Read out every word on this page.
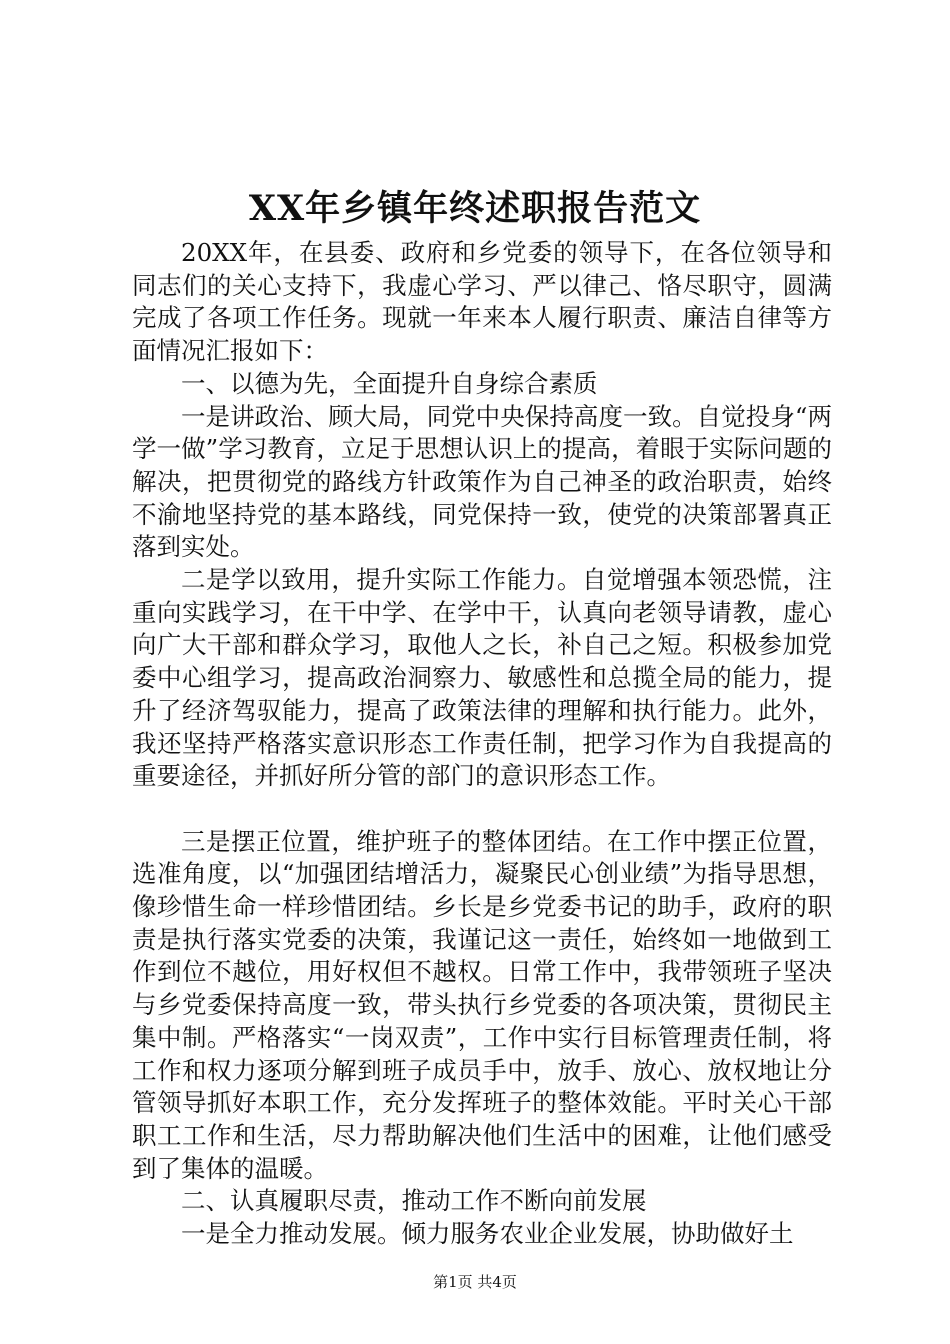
XX年乡镇年终述职报告范文

20XX年，在县委、政府和乡党委的领导下，在各位领导和同志们的关心支持下，我虚心学习、严以律己、恪尽职守，圆满完成了各项工作任务。现就一年来本人履行职责、廉洁自律等方面情况汇报如下：

一、以德为先，全面提升自身综合素质

一是讲政治、顾大局，同党中央保持高度一致。自觉投身“两学一做”学习教育，立足于思想认识上的提高，着眼于实际问题的解决，把贯彻党的路线方针政策作为自己神圣的政治职责，始终不渝地坚持党的基本路线，同党保持一致，使党的决策部署真正落到实处。

二是学以致用，提升实际工作能力。自觉增强本领恐慌，注重向实践学习，在干中学、在学中干，认真向老领导请教，虚心向广大干部和群众学习，取他人之长，补自己之短。积极参加党委中心组学习，提高政治洞察力、敏感性和总揽全局的能力，提升了经济驾驭能力，提高了政策法律的理解和执行能力。此外，我还坚持严格落实意识形态工作责任制，把学习作为自我提高的重要途径，并抓好所分管的部门的意识形态工作。

三是摆正位置，维护班子的整体团结。在工作中摆正位置，选准角度，以“加强团结增活力，凝聚民心创业绩”为指导思想，像珍惜生命一样珍惜团结。乡长是乡党委书记的助手，政府的职责是执行落实党委的决策，我谨记这一责任，始终如一地做到工作到位不越位，用好权但不越权。日常工作中，我带领班子坚决与乡党委保持高度一致，带头执行乡党委的各项决策，贯彻民主集中制。严格落实“一岗双责”，工作中实行目标管理责任制，将工作和权力逐项分解到班子成员手中，放手、放心、放权地让分管领导抓好本职工作，充分发挥班子的整体效能。平时关心干部职工工作和生活，尽力帮助解决他们生活中的困难，让他们感受到了集体的温暖。

二、认真履职尽责，推动工作不断向前发展

一是全力推动发展。倾力服务农业企业发展，协助做好土

第1页 共4页
